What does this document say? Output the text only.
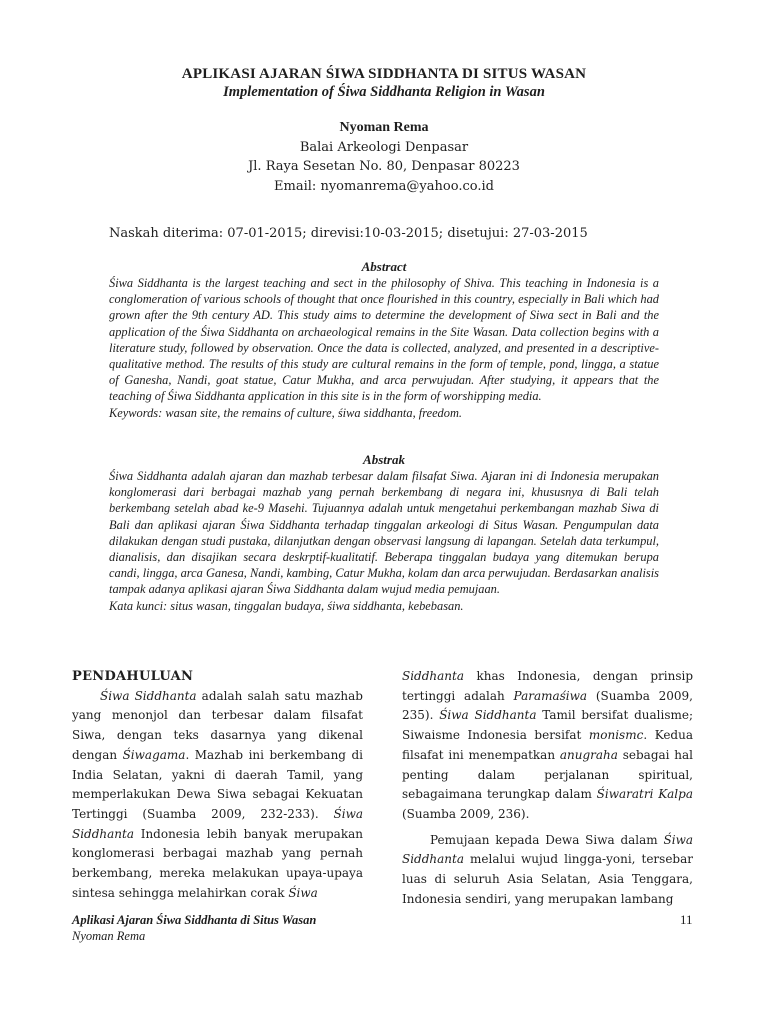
APLIKASI AJARAN ŚIWA SIDDHANTA DI SITUS WASAN
Implementation of Śiwa Siddhanta Religion in Wasan
Nyoman Rema
Balai Arkeologi Denpasar
Jl. Raya Sesetan No. 80, Denpasar 80223
Email: nyomanrema@yahoo.co.id
Naskah diterima: 07-01-2015; direvisi:10-03-2015; disetujui: 27-03-2015
Abstract

Śiwa Siddhanta is the largest teaching and sect in the philosophy of Shiva. This teaching in Indonesia is a conglomeration of various schools of thought that once flourished in this country, especially in Bali which had grown after the 9th century AD. This study aims to determine the development of Siwa sect in Bali and the application of the Śiwa Siddhanta on archaeological remains in the Site Wasan. Data collection begins with a literature study, followed by observation. Once the data is collected, analyzed, and presented in a descriptive-qualitative method. The results of this study are cultural remains in the form of temple, pond, lingga, a statue of Ganesha, Nandi, goat statue, Catur Mukha, and arca perwujudan. After studying, it appears that the teaching of Śiwa Siddhanta application in this site is in the form of worshipping media.

Keywords: wasan site, the remains of culture, śiwa siddhanta, freedom.

Abstrak

Śiwa Siddhanta adalah ajaran dan mazhab terbesar dalam filsafat Siwa. Ajaran ini di Indonesia merupakan konglomerasi dari berbagai mazhab yang pernah berkembang di negara ini, khususnya di Bali telah berkembang setelah abad ke-9 Masehi. Tujuannya adalah untuk mengetahui perkembangan mazhab Siwa di Bali dan aplikasi ajaran Śiwa Siddhanta terhadap tinggalan arkeologi di Situs Wasan. Pengumpulan data dilakukan dengan studi pustaka, dilanjutkan dengan observasi langsung di lapangan. Setelah data terkumpul, dianalisis, dan disajikan secara deskrptif-kualitatif. Beberapa tinggalan budaya yang ditemukan berupa candi, lingga, arca Ganesa, Nandi, kambing, Catur Mukha, kolam dan arca perwujudan. Berdasarkan analisis tampak adanya aplikasi ajaran Śiwa Siddhanta dalam wujud media pemujaan.

Kata kunci: situs wasan, tinggalan budaya, śiwa siddhanta, kebebasan.

PENDAHULUAN

Śiwa Siddhanta adalah salah satu mazhab yang menonjol dan terbesar dalam filsafat Siwa, dengan teks dasarnya yang dikenal dengan Śiwagama. Mazhab ini berkembang di India Selatan, yakni di daerah Tamil, yang memperlakukan Dewa Siwa sebagai Kekuatan Tertinggi (Suamba 2009, 232-233). Śiwa Siddhanta Indonesia lebih banyak merupakan konglomerasi berbagai mazhab yang pernah berkembang, mereka melakukan upaya-upaya sintesa sehingga melahirkan corak Śiwa

Siddhanta khas Indonesia, dengan prinsip tertinggi adalah Paramaśiwa (Suamba 2009, 235). Śiwa Siddhanta Tamil bersifat dualisme; Siwaisme Indonesia bersifat monismc. Kedua filsafat ini menempatkan anugraha sebagai hal penting dalam perjalanan spiritual, sebagaimana terungkap dalam Śiwaratri Kalpa (Suamba 2009, 236).

Pemujaan kepada Dewa Siwa dalam Śiwa Siddhanta melalui wujud lingga-yoni, tersebar luas di seluruh Asia Selatan, Asia Tenggara, Indonesia sendiri, yang merupakan lambang

Aplikasi Ajaran Śiwa Siddhanta di Situs Wasan
Nyoman Rema
11
